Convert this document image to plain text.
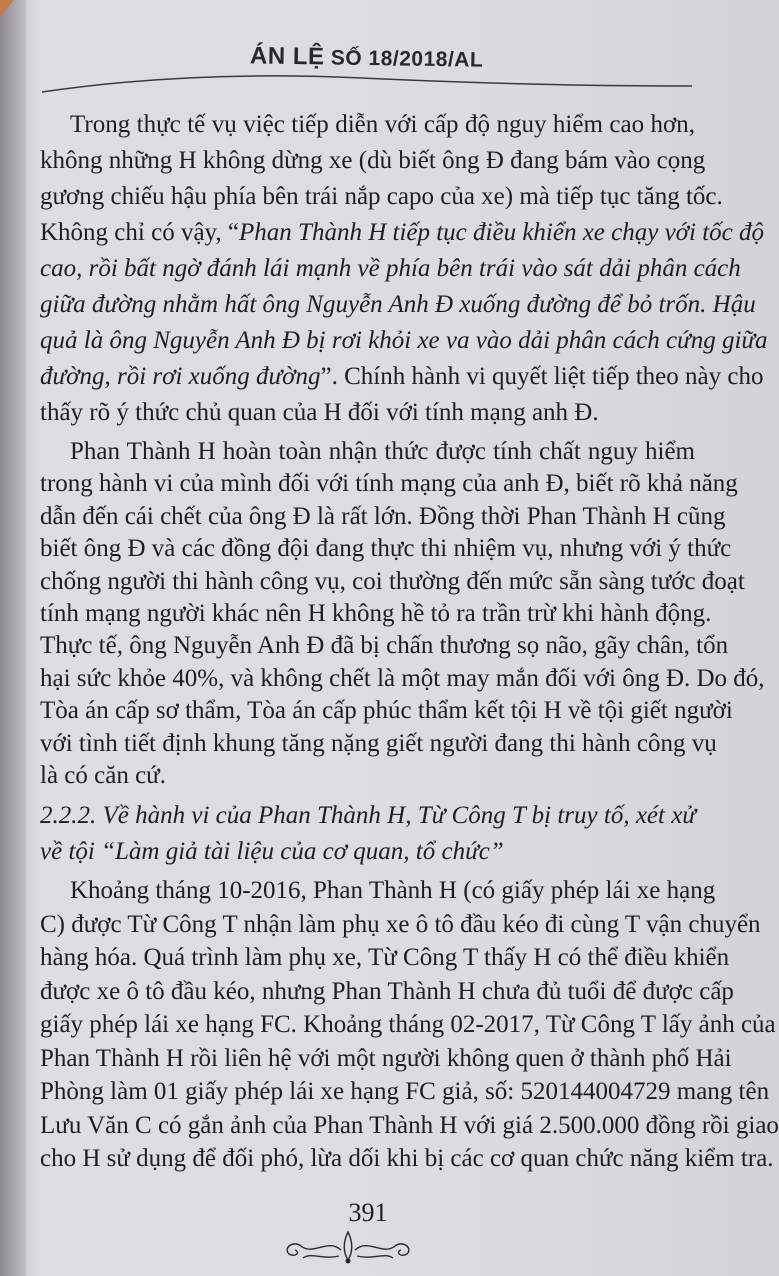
ÁN LỆ SỐ 18/2018/AL
Trong thực tế vụ việc tiếp diễn với cấp độ nguy hiểm cao hơn,
không những H không dừng xe (dù biết ông Đ đang bám vào cọng
gương chiếu hậu phía bên trái nắp capo của xe) mà tiếp tục tăng tốc.
Không chỉ có vậy, “Phan Thành H tiếp tục điều khiển xe chạy với tốc độ
cao, rồi bất ngờ đánh lái mạnh về phía bên trái vào sát dải phân cách
giữa đường nhằm hất ông Nguyễn Anh Đ xuống đường để bỏ trốn. Hậu
quả là ông Nguyễn Anh Đ bị rơi khỏi xe va vào dải phân cách cứng giữa
đường, rồi rơi xuống đường”. Chính hành vi quyết liệt tiếp theo này cho
thấy rõ ý thức chủ quan của H đối với tính mạng anh Đ.
Phan Thành H hoàn toàn nhận thức được tính chất nguy hiểm
trong hành vi của mình đối với tính mạng của anh Đ, biết rõ khả năng
dẫn đến cái chết của ông Đ là rất lớn. Đồng thời Phan Thành H cũng
biết ông Đ và các đồng đội đang thực thi nhiệm vụ, nhưng với ý thức
chống người thi hành công vụ, coi thường đến mức sẵn sàng tước đoạt
tính mạng người khác nên H không hề tỏ ra trần trừ khi hành động.
Thực tế, ông Nguyễn Anh Đ đã bị chấn thương sọ não, gãy chân, tổn
hại sức khỏe 40%, và không chết là một may mắn đối với ông Đ. Do đó,
Tòa án cấp sơ thẩm, Tòa án cấp phúc thẩm kết tội H về tội giết người
với tình tiết định khung tăng nặng giết người đang thi hành công vụ
là có căn cứ.
2.2.2. Về hành vi của Phan Thành H, Từ Công T bị truy tố, xét xử
về tội “Làm giả tài liệu của cơ quan, tổ chức”
Khoảng tháng 10-2016, Phan Thành H (có giấy phép lái xe hạng
C) được Từ Công T nhận làm phụ xe ô tô đầu kéo đi cùng T vận chuyển
hàng hóa. Quá trình làm phụ xe, Từ Công T thấy H có thể điều khiển
được xe ô tô đầu kéo, nhưng Phan Thành H chưa đủ tuổi để được cấp
giấy phép lái xe hạng FC. Khoảng tháng 02-2017, Từ Công T lấy ảnh của
Phan Thành H rồi liên hệ với một người không quen ở thành phố Hải
Phòng làm 01 giấy phép lái xe hạng FC giả, số: 520144004729 mang tên
Lưu Văn C có gắn ảnh của Phan Thành H với giá 2.500.000 đồng rồi giao
cho H sử dụng để đối phó, lừa dối khi bị các cơ quan chức năng kiểm tra.
391
